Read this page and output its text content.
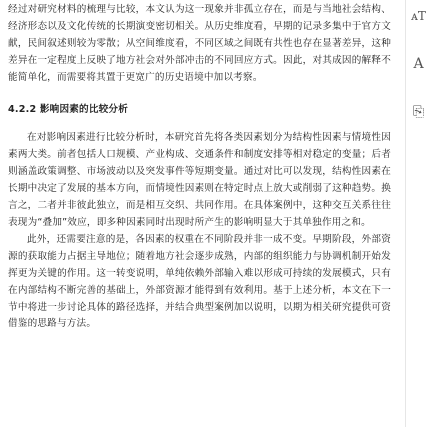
经过对研究材料的梳理与比较，本文认为这一现象并非孤立存在，而是与当地社会结构、经济形态以及文化传统的长期演变密切相关。从历史维度看，早期的记录多集中于官方文献，民间叙述则较为零散；从空间维度看，不同区域之间既有共性也存在显著差异，这种差异在一定程度上反映了地方社会对外部冲击的不同回应方式。因此，对其成因的解释不能简单化，而需要将其置于更宽广的历史语境中加以考察。

4.2.2 影响因素的比较分析

在对影响因素进行比较分析时，本研究首先将各类因素划分为结构性因素与情境性因素两大类。前者包括人口规模、产业构成、交通条件和制度安排等相对稳定的变量；后者则涵盖政策调整、市场波动以及突发事件等短期变量。通过对比可以发现，结构性因素在长期中决定了发展的基本方向，而情境性因素则在特定时点上放大或削弱了这种趋势。换言之，二者并非彼此独立，而是相互交织、共同作用。在具体案例中，这种交互关系往往表现为“叠加”效应，即多种因素同时出现时所产生的影响明显大于其单独作用之和。

此外，还需要注意的是，各因素的权重在不同阶段并非一成不变。早期阶段，外部资源的获取能力占据主导地位；随着地方社会逐步成熟，内部的组织能力与协调机制开始发挥更为关键的作用。这一转变说明，单纯依赖外部输入难以形成可持续的发展模式，只有在内部结构不断完善的基础上，外部资源才能得到有效利用。基于上述分析，本文在下一节中将进一步讨论具体的路径选择，并结合典型案例加以说明，以期为相关研究提供可资借鉴的思路与方法。

ᴀT
A
⎘
